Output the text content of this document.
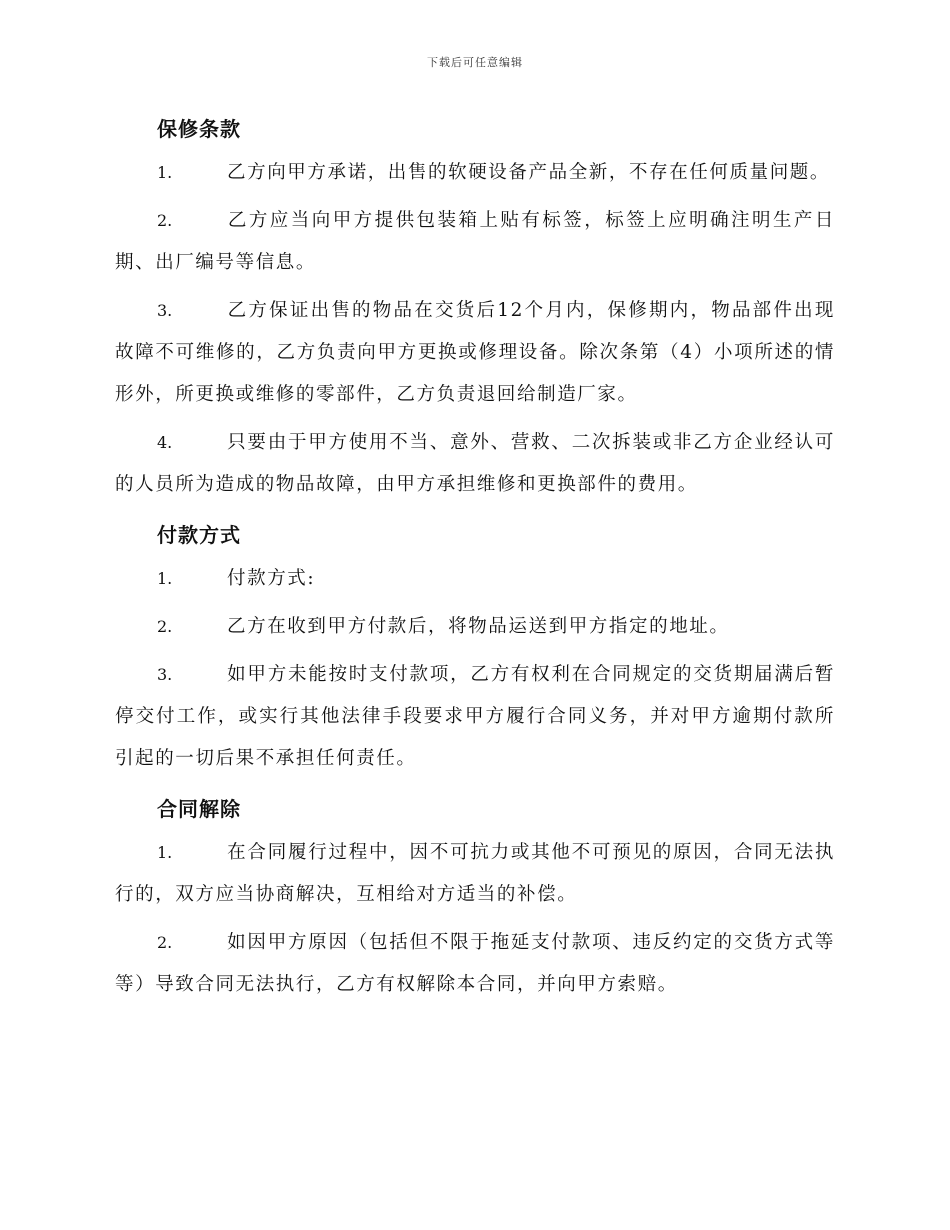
下载后可任意编辑
保修条款
1.	乙方向甲方承诺，出售的软硬设备产品全新，不存在任何质量问题。
2.	乙方应当向甲方提供包装箱上贴有标签，标签上应明确注明生产日期、出厂编号等信息。
3.	乙方保证出售的物品在交货后12个月内，保修期内，物品部件出现故障不可维修的，乙方负责向甲方更换或修理设备。除次条第（4）小项所述的情形外，所更换或维修的零部件，乙方负责退回给制造厂家。
4.	只要由于甲方使用不当、意外、营救、二次拆装或非乙方企业经认可的人员所为造成的物品故障，由甲方承担维修和更换部件的费用。
付款方式
1.	付款方式:
2.	乙方在收到甲方付款后，将物品运送到甲方指定的地址。
3.	如甲方未能按时支付款项，乙方有权利在合同规定的交货期届满后暂停交付工作，或实行其他法律手段要求甲方履行合同义务，并对甲方逾期付款所引起的一切后果不承担任何责任。
合同解除
1.	在合同履行过程中，因不可抗力或其他不可预见的原因，合同无法执行的，双方应当协商解决，互相给对方适当的补偿。
2.	如因甲方原因（包括但不限于拖延支付款项、违反约定的交货方式等等）导致合同无法执行，乙方有权解除本合同，并向甲方索赔。
